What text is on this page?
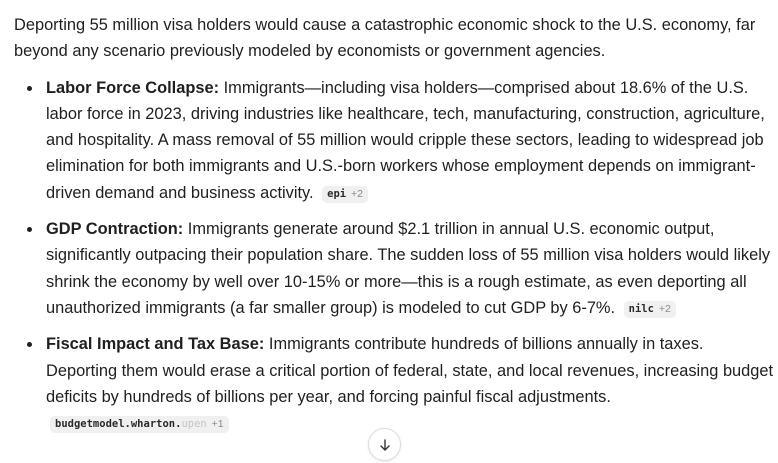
Deporting 55 million visa holders would cause a catastrophic economic shock to the U.S. economy, far beyond any scenario previously modeled by economists or government agencies.

Labor Force Collapse: Immigrants—including visa holders—comprised about 18.6% of the U.S. labor force in 2023, driving industries like healthcare, tech, manufacturing, construction, agriculture, and hospitality. A mass removal of 55 million would cripple these sectors, leading to widespread job elimination for both immigrants and U.S.-born workers whose employment depends on immigrant-driven demand and business activity. epi +2
GDP Contraction: Immigrants generate around $2.1 trillion in annual U.S. economic output, significantly outpacing their population share. The sudden loss of 55 million visa holders would likely shrink the economy by well over 10-15% or more—this is a rough estimate, as even deporting all unauthorized immigrants (a far smaller group) is modeled to cut GDP by 6-7%. nilc +2
Fiscal Impact and Tax Base: Immigrants contribute hundreds of billions annually in taxes. Deporting them would erase a critical portion of federal, state, and local revenues, increasing budget deficits by hundreds of billions per year, and forcing painful fiscal adjustments. budgetmodel.wharton.upen +1
